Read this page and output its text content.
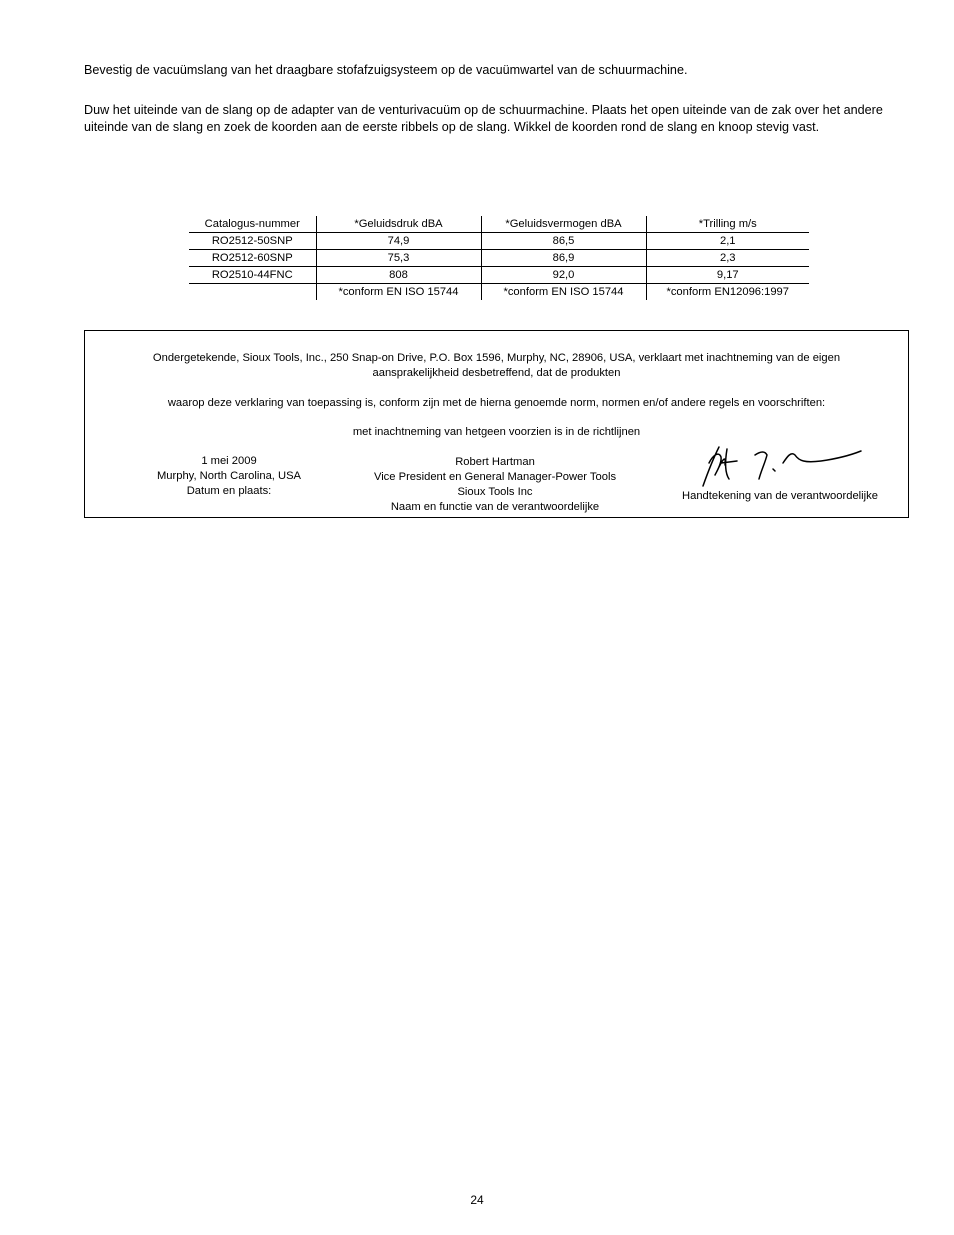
Bevestig de vacuümslang van het draagbare stofafzuigsysteem op de vacuümwartel van de schuurmachine.

Duw het uiteinde van de slang op de adapter van de venturivacuüm op de schuurmachine. Plaats het open uiteinde van de zak over het andere uiteinde van de slang en zoek de koorden aan de eerste ribbels op de slang. Wikkel de koorden rond de slang en knoop stevig vast.

Catalogus-nummer	*Geluidsdruk dBA	*Geluidsvermogen dBA	*Trilling m/s
RO2512-50SNP	74,9	86,5	2,1
RO2512-60SNP	75,3	86,9	2,3
RO2510-44FNC	808	92,0	9,17
	*conform EN ISO 15744	*conform EN ISO 15744	*conform EN12096:1997
Ondergetekende, Sioux Tools, Inc., 250 Snap-on Drive, P.O. Box 1596, Murphy, NC, 28906, USA, verklaart met inachtneming van de eigen
aansprakelijkheid desbetreffend, dat de produkten
waarop deze verklaring van toepassing is, conform zijn met de hierna genoemde norm, normen en/of andere regels en voorschriften:
met inachtneming van hetgeen voorzien is in de richtlijnen
1 mei 2009
Murphy, North Carolina, USA
Datum en plaats:
Robert Hartman
Vice President en General Manager-Power Tools
Sioux Tools Inc
Naam en functie van de verantwoordelijke
Handtekening van de verantwoordelijke
24
